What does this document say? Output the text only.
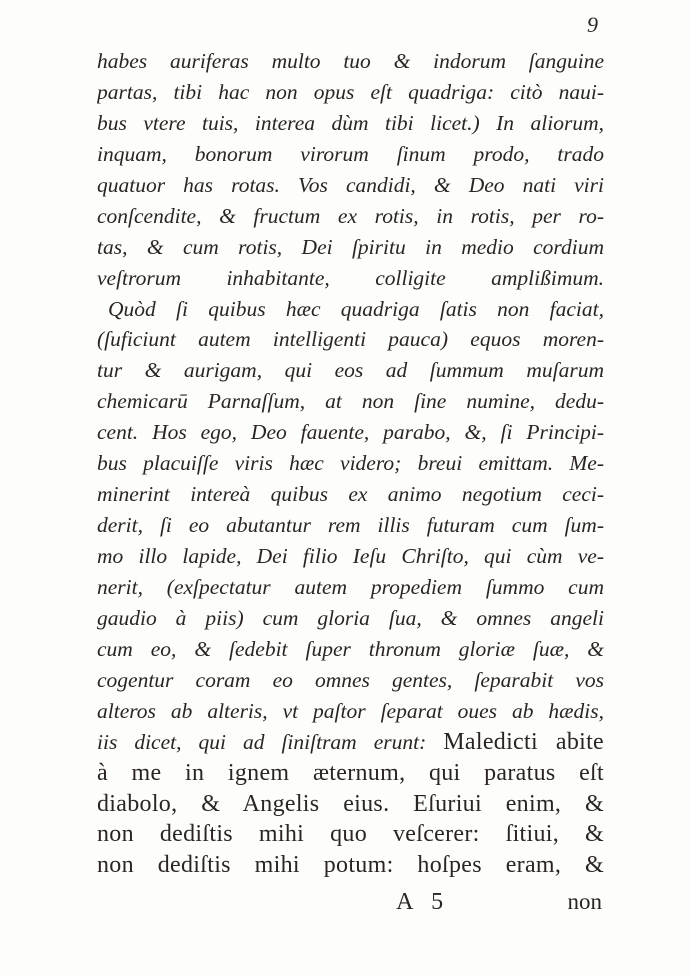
9
habes auriferas multo tuo & indorum ſanguine
partas, tibi hac non opus eſt quadriga: citò naui-
bus vtere tuis, interea dùm tibi licet.) In aliorum,
inquam, bonorum virorum ſinum prodo, trado
quatuor has rotas. Vos candidi, & Deo nati viri
conſcendite, & fructum ex rotis, in rotis, per ro-
tas, & cum rotis, Dei ſpiritu in medio cordium
veſtrorum inhabitante, colligite amplißimum.
Quòd ſi quibus hæc quadriga ſatis non faciat,
(ſuficiunt autem intelligenti pauca) equos moren-
tur & aurigam, qui eos ad ſummum muſarum
chemicarū Parnaſſum, at non ſine numine, dedu-
cent. Hos ego, Deo fauente, parabo, &, ſi Principi-
bus placuiſſe viris hæc videro; breui emittam. Me-
minerint intereà quibus ex animo negotium ceci-
derit, ſi eo abutantur rem illis futuram cum ſum-
mo illo lapide, Dei filio Ieſu Chriſto, qui cùm ve-
nerit, (exſpectatur autem propediem ſummo cum
gaudio à piis) cum gloria ſua, & omnes angeli
cum eo, & ſedebit ſuper thronum gloriæ ſuæ, &
cogentur coram eo omnes gentes, ſeparabit vos
alteros ab alteris, vt paſtor ſeparat oues ab hædis,
iis dicet, qui ad ſiniſtram erunt: Maledicti abite
à me in ignem æternum, qui paratus eſt
diabolo, & Angelis eius. Eſuriui enim, &
non dediſtis mihi quo veſcerer: ſitiui, &
non dediſtis mihi potum: hoſpes eram, &
A 5	non
